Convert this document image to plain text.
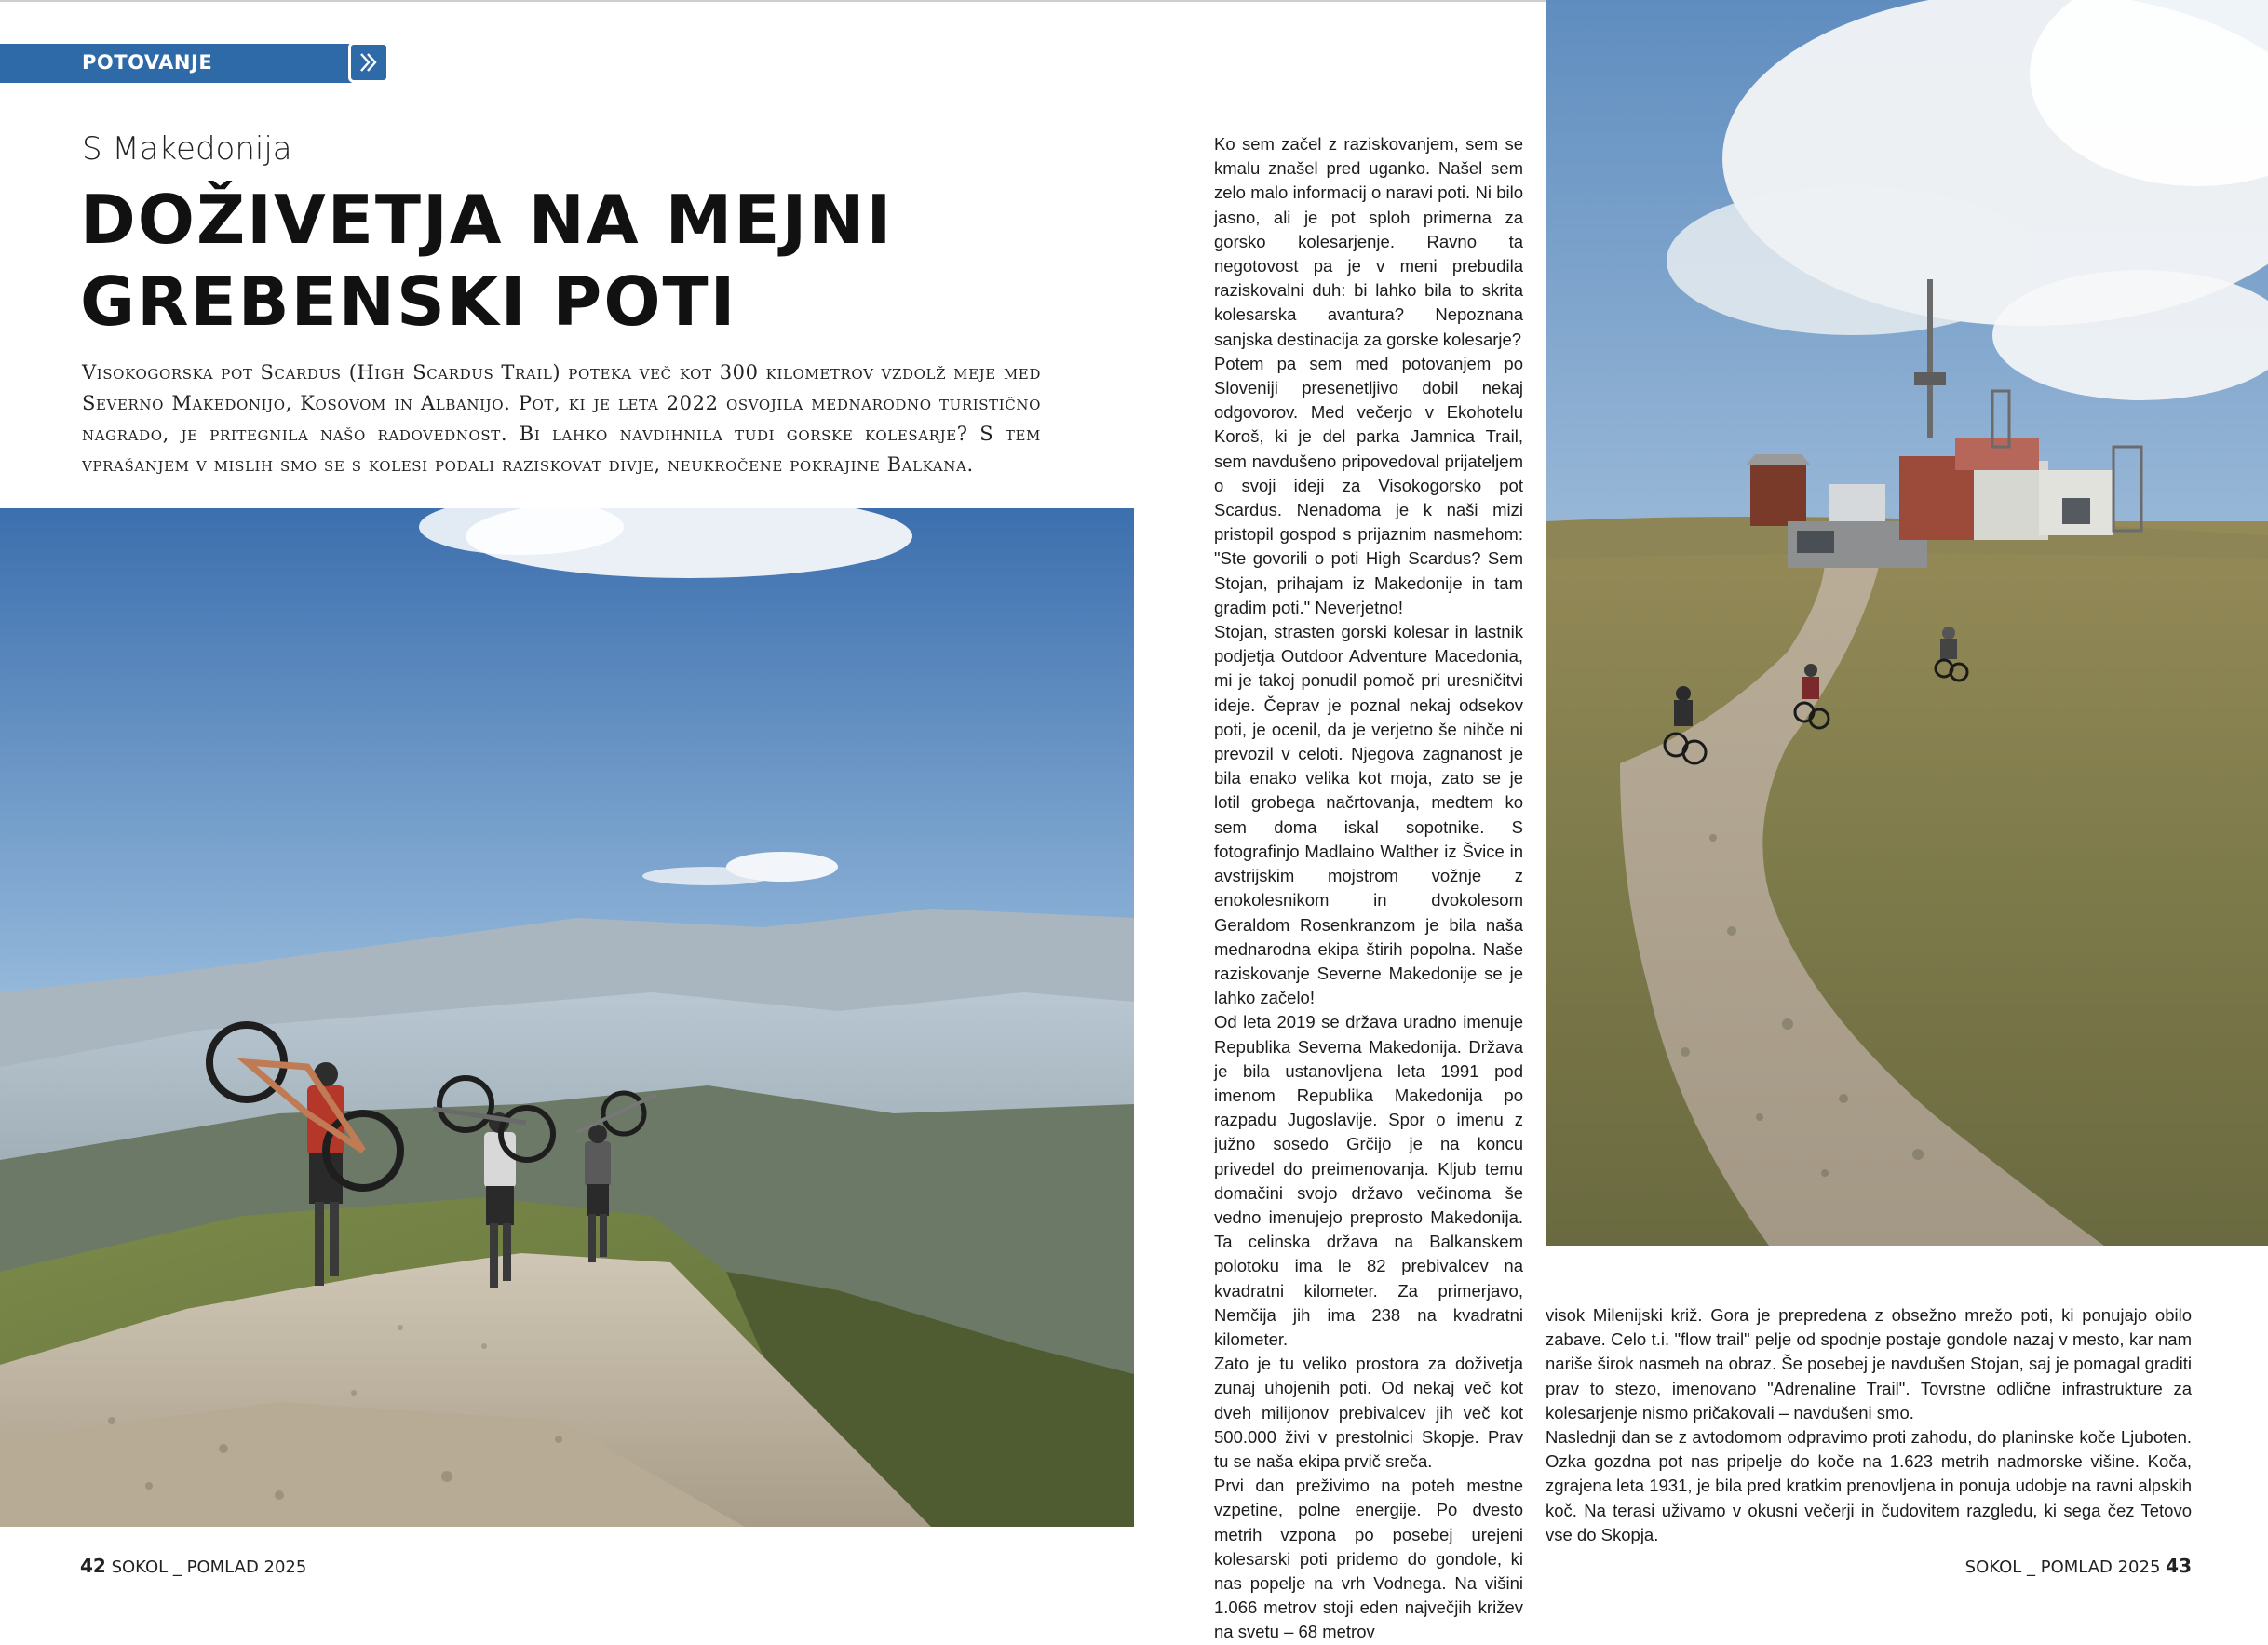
POTOVANJE
S Makedonija
DOŽIVETJA NA MEJNI
GREBENSKI POTI

Visokogorska pot Scardus (High Scardus Trail) poteka več kot 300 kilometrov vzdolž meje med Severno Makedonijo, Kosovom in Albanijo. Pot, ki je leta 2022 osvojila mednarodno turistično nagrado, je pritegnila našo radovednost. Bi lahko navdihnila tudi gorske kolesarje? S tem vprašanjem v mislih smo se s kolesi podali raziskovat divje, neukročene pokrajine Balkana.

Ko sem začel z raziskovanjem, sem se kmalu znašel pred uganko. Našel sem zelo malo informacij o naravi poti. Ni bilo jasno, ali je pot sploh primerna za gorsko kolesarjenje. Ravno ta negotovost pa je v meni prebudila raziskovalni duh: bi lahko bila to skrita kolesarska avantura? Nepoznana sanjska destinacija za gorske kolesarje?

Potem pa sem med potovanjem po Sloveniji presenetljivo dobil nekaj odgovorov. Med večerjo v Ekohotelu Koroš, ki je del parka Jamnica Trail, sem navdušeno pripovedoval prijateljem o svoji ideji za Visokogorsko pot Scardus. Nenadoma je k naši mizi pristopil gospod s prijaznim nasmehom: "Ste govorili o poti High Scardus? Sem Stojan, prihajam iz Makedonije in tam gradim poti." Neverjetno!

Stojan, strasten gorski kolesar in lastnik podjetja Outdoor Adventure Macedonia, mi je takoj ponudil pomoč pri uresničitvi ideje. Čeprav je poznal nekaj odsekov poti, je ocenil, da je verjetno še nihče ni prevozil v celoti. Njegova zagnanost je bila enako velika kot moja, zato se je lotil grobega načrtovanja, medtem ko sem doma iskal sopotnike. S fotografinjo Madlaino Walther iz Švice in avstrijskim mojstrom vožnje z enokolesnikom in dvokolesom Geraldom Rosenkranzom je bila naša mednarodna ekipa štirih popolna. Naše raziskovanje Severne Makedonije se je lahko začelo!

Od leta 2019 se država uradno imenuje Republika Severna Makedonija. Država je bila ustanovljena leta 1991 pod imenom Republika Makedonija po razpadu Jugoslavije. Spor o imenu z južno sosedo Grčijo je na koncu privedel do preimenovanja. Kljub temu domačini svojo državo večinoma še vedno imenujejo preprosto Makedonija. Ta celinska država na Balkanskem polotoku ima le 82 prebivalcev na kvadratni kilometer. Za primerjavo, Nemčija jih ima 238 na kvadratni kilometer.

Zato je tu veliko prostora za doživetja zunaj uhojenih poti. Od nekaj več kot dveh milijonov prebivalcev jih več kot 500.000 živi v prestolnici Skopje. Prav tu se naša ekipa prvič sreča.

Prvi dan preživimo na poteh mestne vzpetine, polne energije. Po dvesto metrih vzpona po posebej urejeni kolesarski poti pridemo do gondole, ki nas popelje na vrh Vodnega. Na višini 1.066 metrov stoji eden največjih križev na svetu – 68 metrov

visok Milenijski križ. Gora je prepredena z obsežno mrežo poti, ki ponujajo obilo zabave. Celo t.i. "flow trail" pelje od spodnje postaje gondole nazaj v mesto, kar nam nariše širok nasmeh na obraz. Še posebej je navdušen Stojan, saj je pomagal graditi prav to stezo, imenovano "Adrenaline Trail". Tovrstne odlične infrastrukture za kolesarjenje nismo pričakovali – navdušeni smo.

Naslednji dan se z avtodomom odpravimo proti zahodu, do planinske koče Ljuboten. Ozka gozdna pot nas pripelje do koče na 1.623 metrih nadmorske višine. Koča, zgrajena leta 1931, je bila pred kratkim prenovljena in ponuja udobje na ravni alpskih koč. Na terasi uživamo v okusni večerji in čudovitem razgledu, ki sega čez Tetovo vse do Skopja.

42 SOKOL _ POMLAD 2025	SOKOL _ POMLAD 2025 43
